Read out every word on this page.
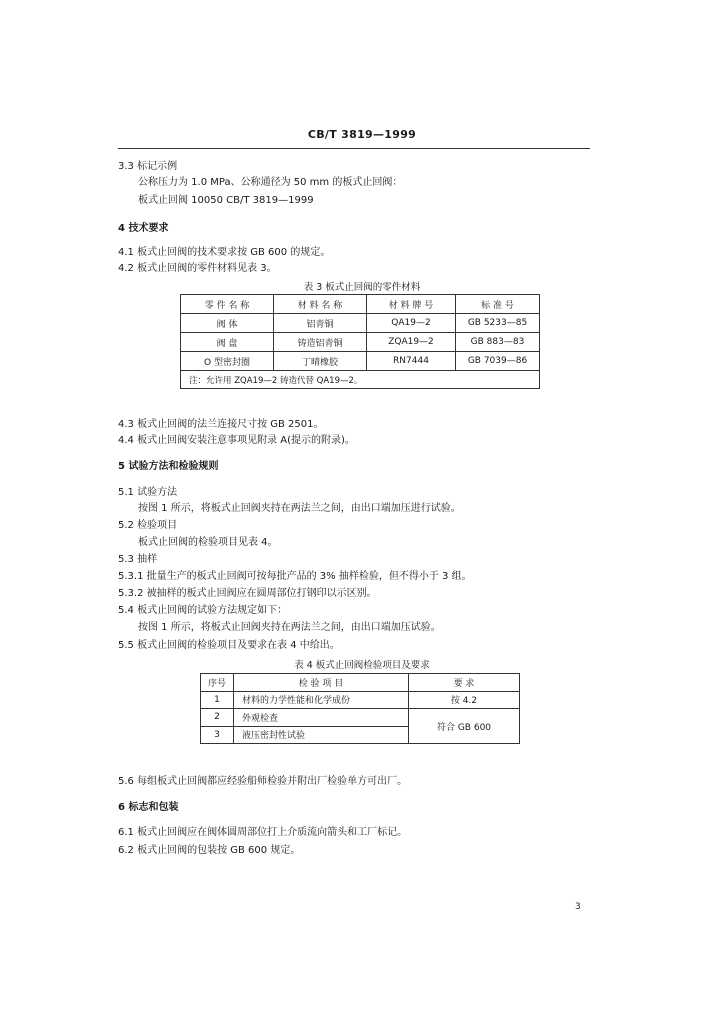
CB/T 3819—1999
3.3 标记示例
公称压力为 1.0 MPa、公称通径为 50 mm 的板式止回阀：
板式止回阀 10050 CB/T 3819—1999
4 技术要求
4.1 板式止回阀的技术要求按 GB 600 的规定。
4.2 板式止回阀的零件材料见表 3。
表 3 板式止回阀的零件材料
零 件 名 称	材 料 名 称	材 料 牌 号	标 准 号
阀 体	铝青铜	QA19—2	GB 5233—85
阀 盘	铸造铝青铜	ZQA19—2	GB 883—83
O 型密封圈	丁晴橡胶	RN7444	GB 7039—86
注：允许用 ZQA19—2 铸造代替 QA19—2。			
4.3 板式止回阀的法兰连接尺寸按 GB 2501。
4.4 板式止回阀安装注意事项见附录 A(提示的附录)。
5 试验方法和检验规则
5.1 试验方法
按图 1 所示，将板式止回阀夹持在两法兰之间，由出口端加压进行试验。
5.2 检验项目
板式止回阀的检验项目见表 4。
5.3 抽样
5.3.1 批量生产的板式止回阀可按每批产品的 3% 抽样检验，但不得小于 3 组。
5.3.2 被抽样的板式止回阀应在圆周部位打钢印以示区别。
5.4 板式止回阀的试验方法规定如下：
按图 1 所示，将板式止回阀夹持在两法兰之间，由出口端加压试验。
5.5 板式止回阀的检验项目及要求在表 4 中给出。
表 4 板式止回阀检验项目及要求
序号	检 验 项 目	要 求
1	材料的力学性能和化学成份	按 4.2
2	外观检查	符合 GB 600
3	液压密封性试验	
5.6 每组板式止回阀都应经验船师检验并附出厂检验单方可出厂。
6 标志和包装
6.1 板式止回阀应在阀体圆周部位打上介质流向箭头和工厂标记。
6.2 板式止回阀的包装按 GB 600 规定。
3
